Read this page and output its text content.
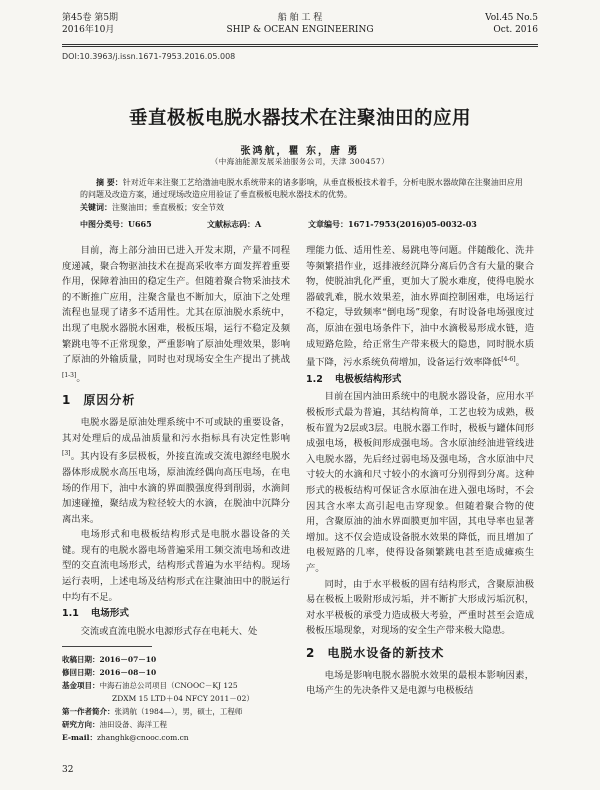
第45卷 第5期
2016年10月
船 舶 工 程
SHIP & OCEAN ENGINEERING
Vol.45 No.5
Oct. 2016
DOI:10.3963/j.issn.1671-7953.2016.05.008
垂直极板电脱水器技术在注聚油田的应用
张鸿航，瞿 东，唐 勇
（中海油能源发展采油服务公司，天津 300457）
摘 要：针对近年来注聚工艺给渤油电脱水系统带来的诸多影响，从垂直极板技术着手，分析电脱水器故障在注聚油田应用的问题及改造方案，通过现场改造应用验证了垂直极板电脱水器技术的优势。
关键词：注聚油田；垂直极板；安全节效
中图分类号：U665	文献标志码：A	文章编号：1671-7953(2016)05-0032-03

目前，海上部分油田已进入开发末期，产量不同程度递减，聚合物驱油技术在提高采收率方面发挥着重要作用，保障着油田的稳定生产。但随着聚合物采油技术的不断推广应用，注聚含量也不断加大，原油下之处理流程也显现了诸多不适用性。尤其在原油脱水系统中，出现了电脱水器脱水困难，极板压塌，运行不稳定及频繁跳电等不正常现象，严重影响了原油处理效果，影响了原油的外输质量，同时也对现场安全生产提出了挑战[1-3]。

1 原因分析

电脱水器是原油处理系统中不可或缺的重要设备，其对处理后的成品油质量和污水指标具有决定性影响[3]。其内设有多层极板，外接直流或交流电源经电脱水器体形成脱水高压电场，原油流经偶向高压电场，在电场的作用下，油中水滴的界面膜强度得到削弱，水滴间加速碰撞，聚结成为粒径较大的水滴，在脱油中沉降分离出来。

电场形式和电极板结构形式是电脱水器设备的关键。现有的电脱水器电场普遍采用工频交流电场和改进型的交直流电场形式，结构形式普遍为水平结构。现场运行表明，上述电场及结构形式在注聚油田中的脱运行中均有不足。

1.1 电场形式

交流或直流电脱水电源形式存在电耗大、处

收稿日期：2016－07－10
修回日期：2016－08－10
基金项目：中海石油总公司项目（CNOOC－KJ 125
ZDXM 15 LTD＋04 NFCY 2011－02）
第一作者简介：张鸿航（1984—），男，硕士，工程师
研究方向：油田设备、海洋工程
E-mail：zhanghk@cnooc.com.cn

理能力低、适用性差、易跳电等问题。伴随酸化、洗井等频繁措作业，返排液经沉降分离后仍含有大量的聚合物，使脱油乳化严重，更加大了脱水难度，使得电脱水器破乳难，脱水效果差，油水界面控制困难，电场运行不稳定，导致频率“倒电场”现象，有时设备电场强度过高，原油在强电场条件下，油中水滴极易形成水链，造成短路危险，给正常生产带来极大的隐患，同时脱水质量下降，污水系统负荷增加，设备运行效率降低[4-6]。

1.2 电极板结构形式

目前在国内油田系统中的电脱水器设备，应用水平极板形式最为普遍，其结构简单，工艺也较为成熟，极板布置为2层或3层。电脱水器工作时，极板与罐体间形成强电场，极板间形成强电场。含水原油经油进管线进入电脱水器，先后经过弱电场及强电场，含水原油中尺寸较大的水滴和尺寸较小的水滴可分别得到分离。这种形式的极板结构可保证含水原油在进入强电场时，不会因其含水率太高引起电击穿现象。但随着聚合物的使用，含聚原油的油水界面膜更加牢固，其电导率也显著增加。这不仅会造成设备脱水效果的降低，而且增加了电极短路的几率，使得设备频繁跳电甚至造成瘫痪生产。

同时，由于水平极板的固有结构形式，含聚原油极易在极板上吸附形成污垢，并不断扩大形成污垢沉积，对水平极板的承受力造成极大考验，严重时甚至会造成极板压塌现象，对现场的安全生产带来极大隐患。

2 电脱水设备的新技术

电场是影响电脱水器脱水效果的最根本影响因素，电场产生的先决条件又是电源与电极板结

32
